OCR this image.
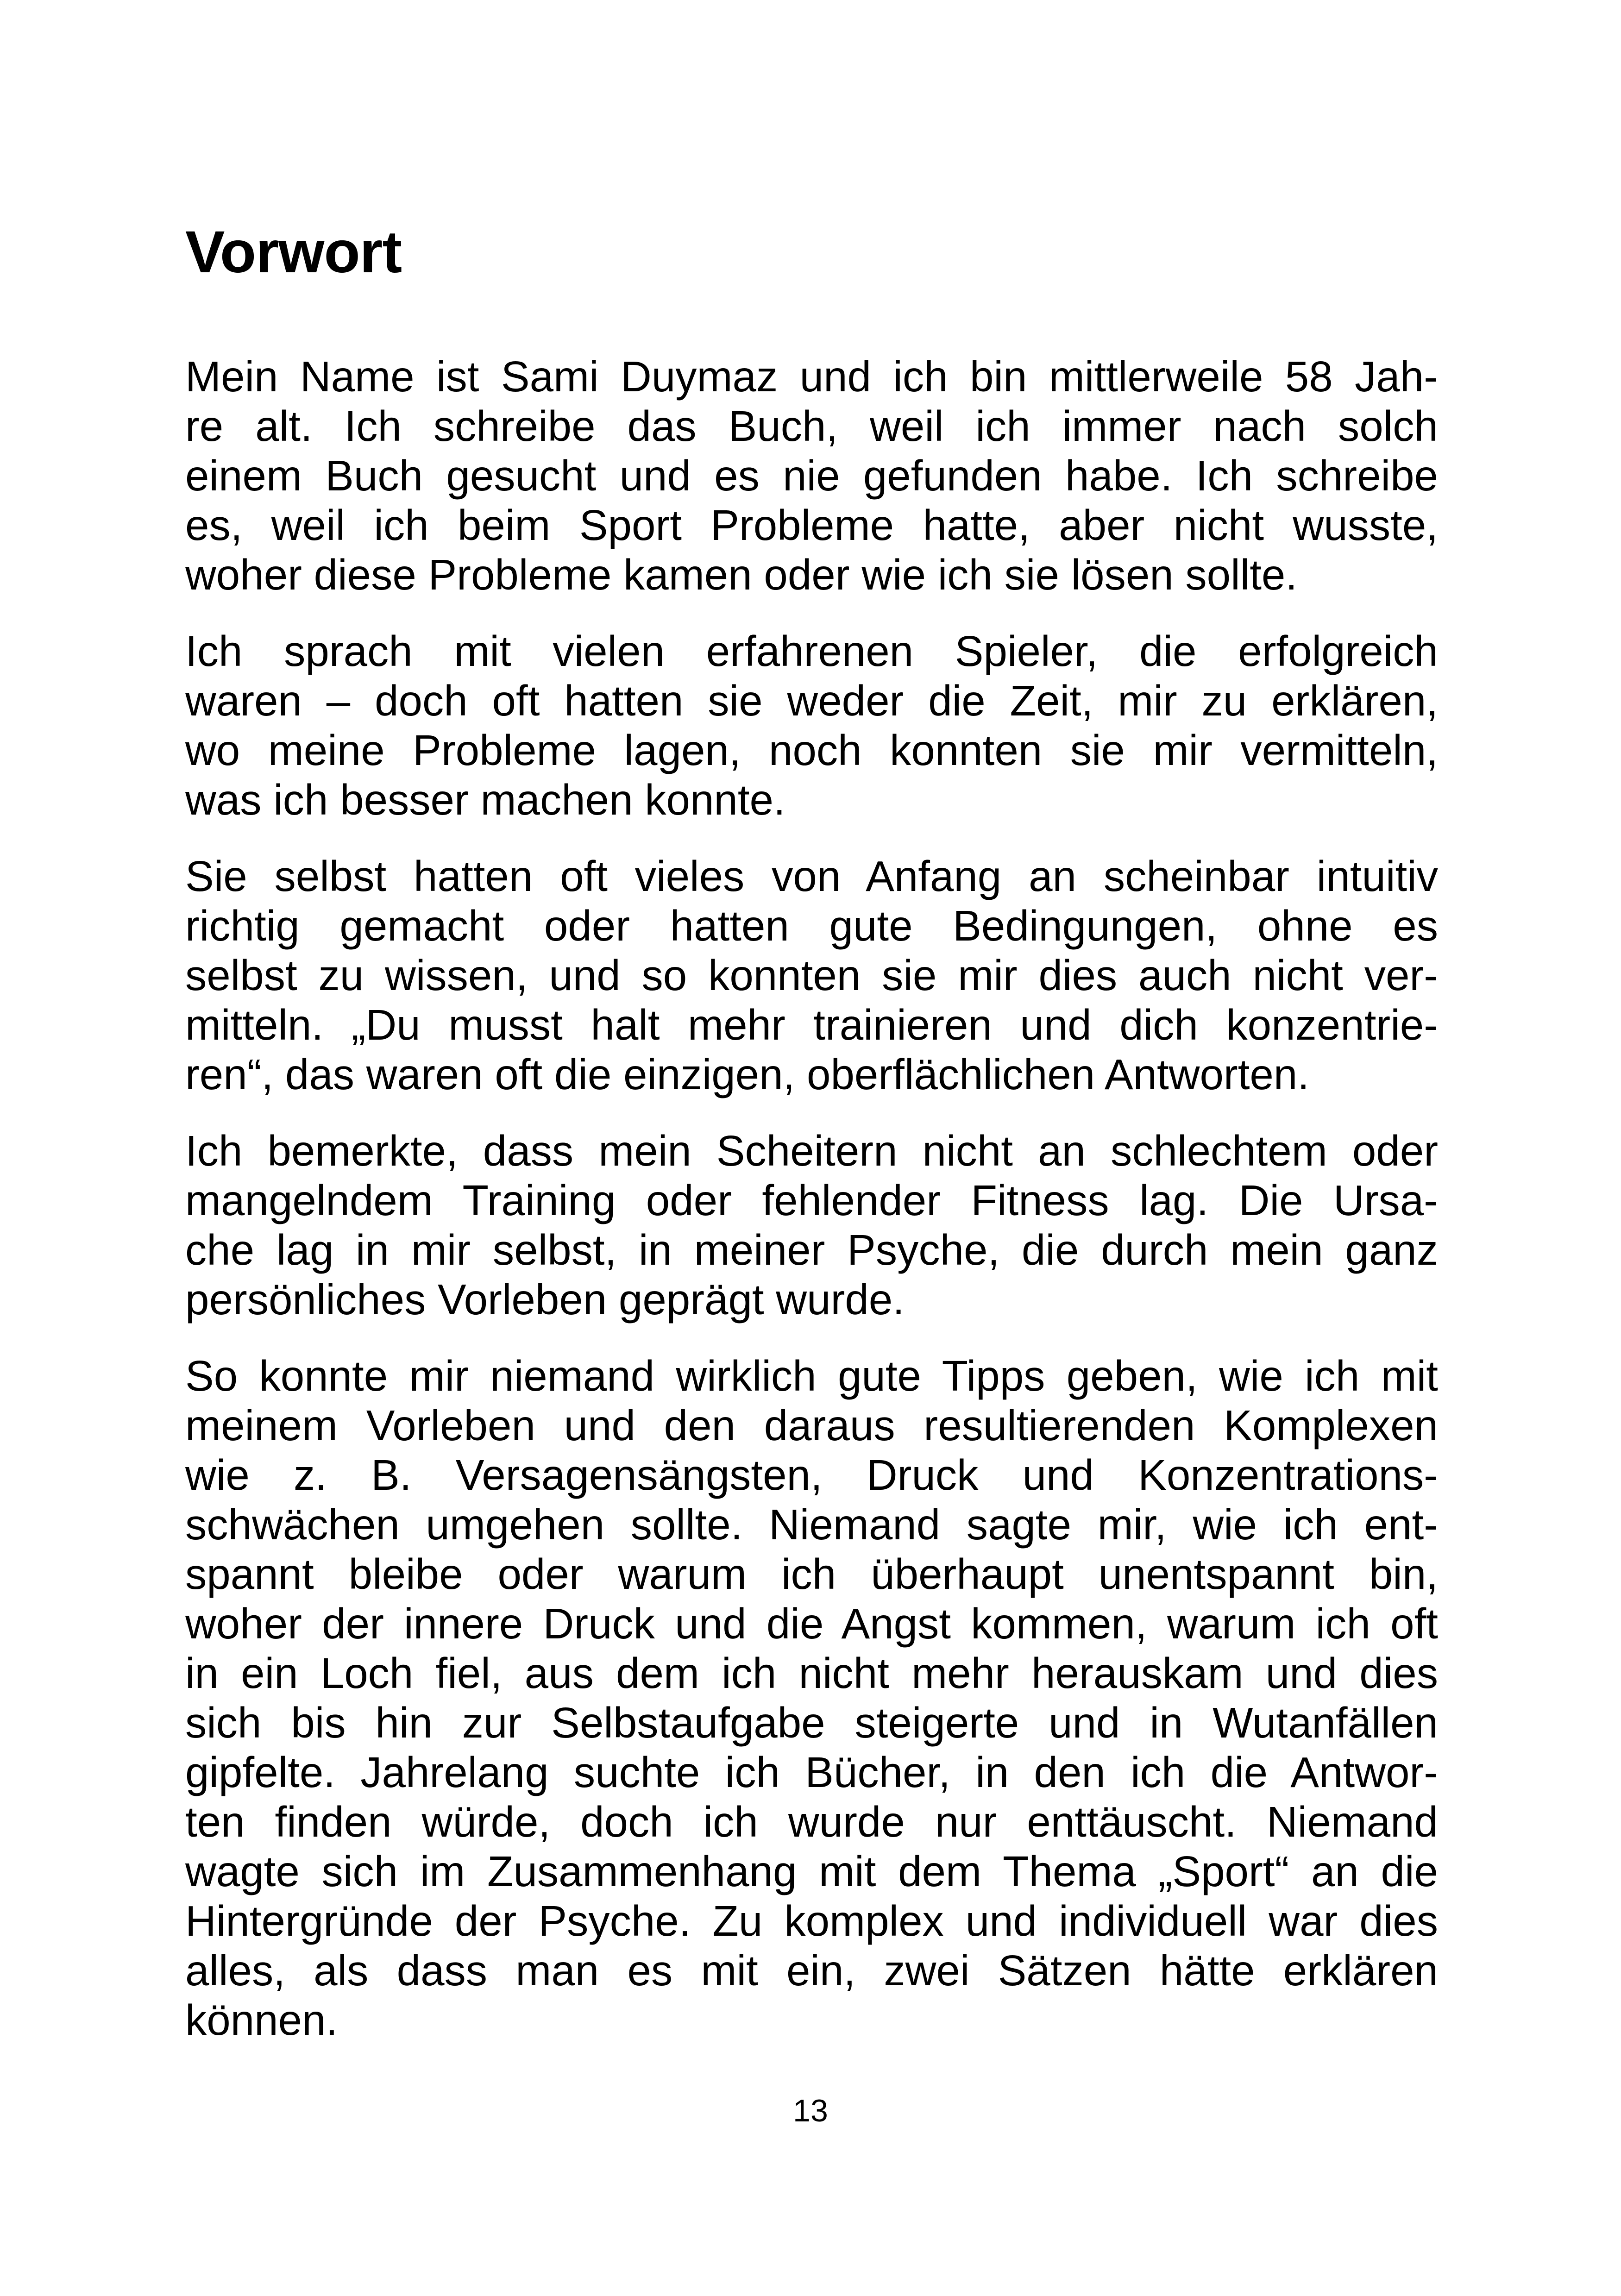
Vorwort

Mein Name ist Sami Duymaz und ich bin mittlerweile 58 Jah-
re alt. Ich schreibe das Buch, weil ich immer nach solch
einem Buch gesucht und es nie gefunden habe. Ich schreibe
es, weil ich beim Sport Probleme hatte, aber nicht wusste,
woher diese Probleme kamen oder wie ich sie lösen sollte.

Ich sprach mit vielen erfahrenen Spieler, die erfolgreich
waren – doch oft hatten sie weder die Zeit, mir zu erklären,
wo meine Probleme lagen, noch konnten sie mir vermitteln,
was ich besser machen konnte.

Sie selbst hatten oft vieles von Anfang an scheinbar intuitiv
richtig gemacht oder hatten gute Bedingungen, ohne es
selbst zu wissen, und so konnten sie mir dies auch nicht ver-
mitteln. „Du musst halt mehr trainieren und dich konzentrie-
ren“, das waren oft die einzigen, oberflächlichen Antworten.

Ich bemerkte, dass mein Scheitern nicht an schlechtem oder
mangelndem Training oder fehlender Fitness lag. Die Ursa-
che lag in mir selbst, in meiner Psyche, die durch mein ganz
persönliches Vorleben geprägt wurde.

So konnte mir niemand wirklich gute Tipps geben, wie ich mit
meinem Vorleben und den daraus resultierenden Komplexen
wie z. B. Versagensängsten, Druck und Konzentrations-
schwächen umgehen sollte. Niemand sagte mir, wie ich ent-
spannt bleibe oder warum ich überhaupt unentspannt bin,
woher der innere Druck und die Angst kommen, warum ich oft
in ein Loch fiel, aus dem ich nicht mehr herauskam und dies
sich bis hin zur Selbstaufgabe steigerte und in Wutanfällen
gipfelte. Jahrelang suchte ich Bücher, in den ich die Antwor-
ten finden würde, doch ich wurde nur enttäuscht. Niemand
wagte sich im Zusammenhang mit dem Thema „Sport“ an die
Hintergründe der Psyche. Zu komplex und individuell war dies
alles, als dass man es mit ein, zwei Sätzen hätte erklären
können.

13
